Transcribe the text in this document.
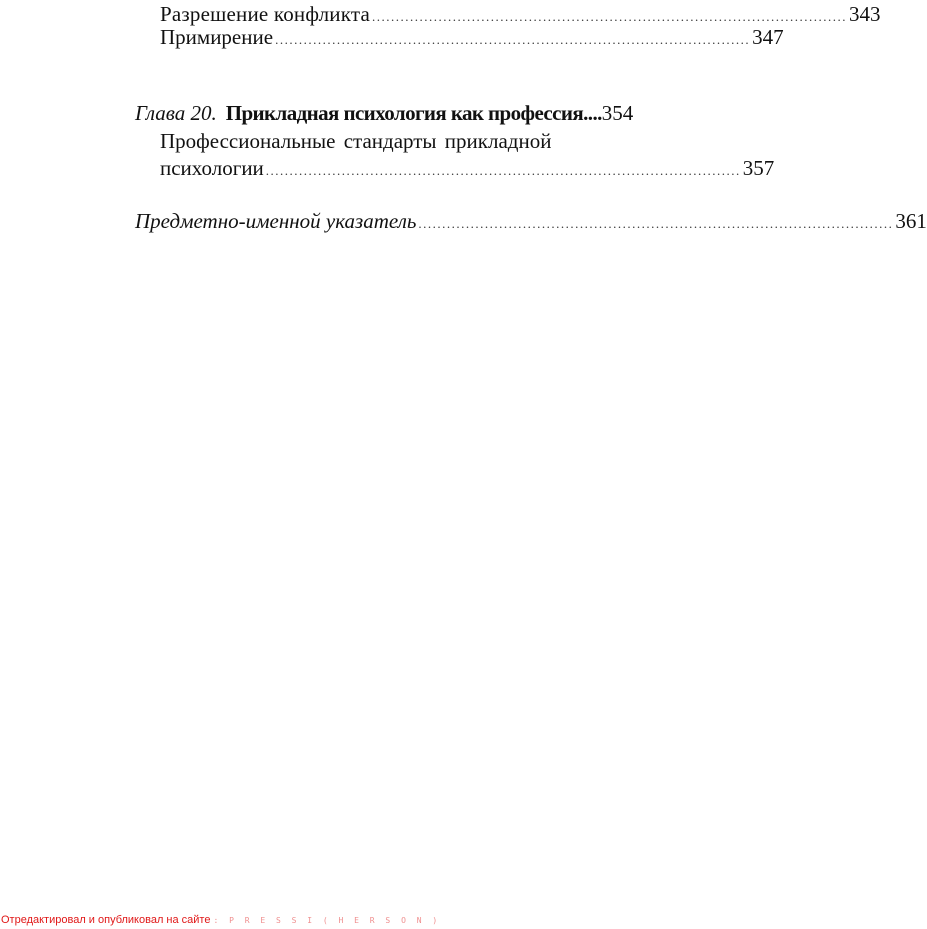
Разрешение конфликта .................................................................................................... 343
Примирение .................................................................................................... 347
Глава 20. Прикладная психология как профессия .... 354
Профессиональные стандарты прикладной
психологии .................................................................................................... 357
Предметно-именной указатель .................................................................................................... 361
Отредактировал и опубликовал на сайте : P R E S S I ( H E R S O N )
